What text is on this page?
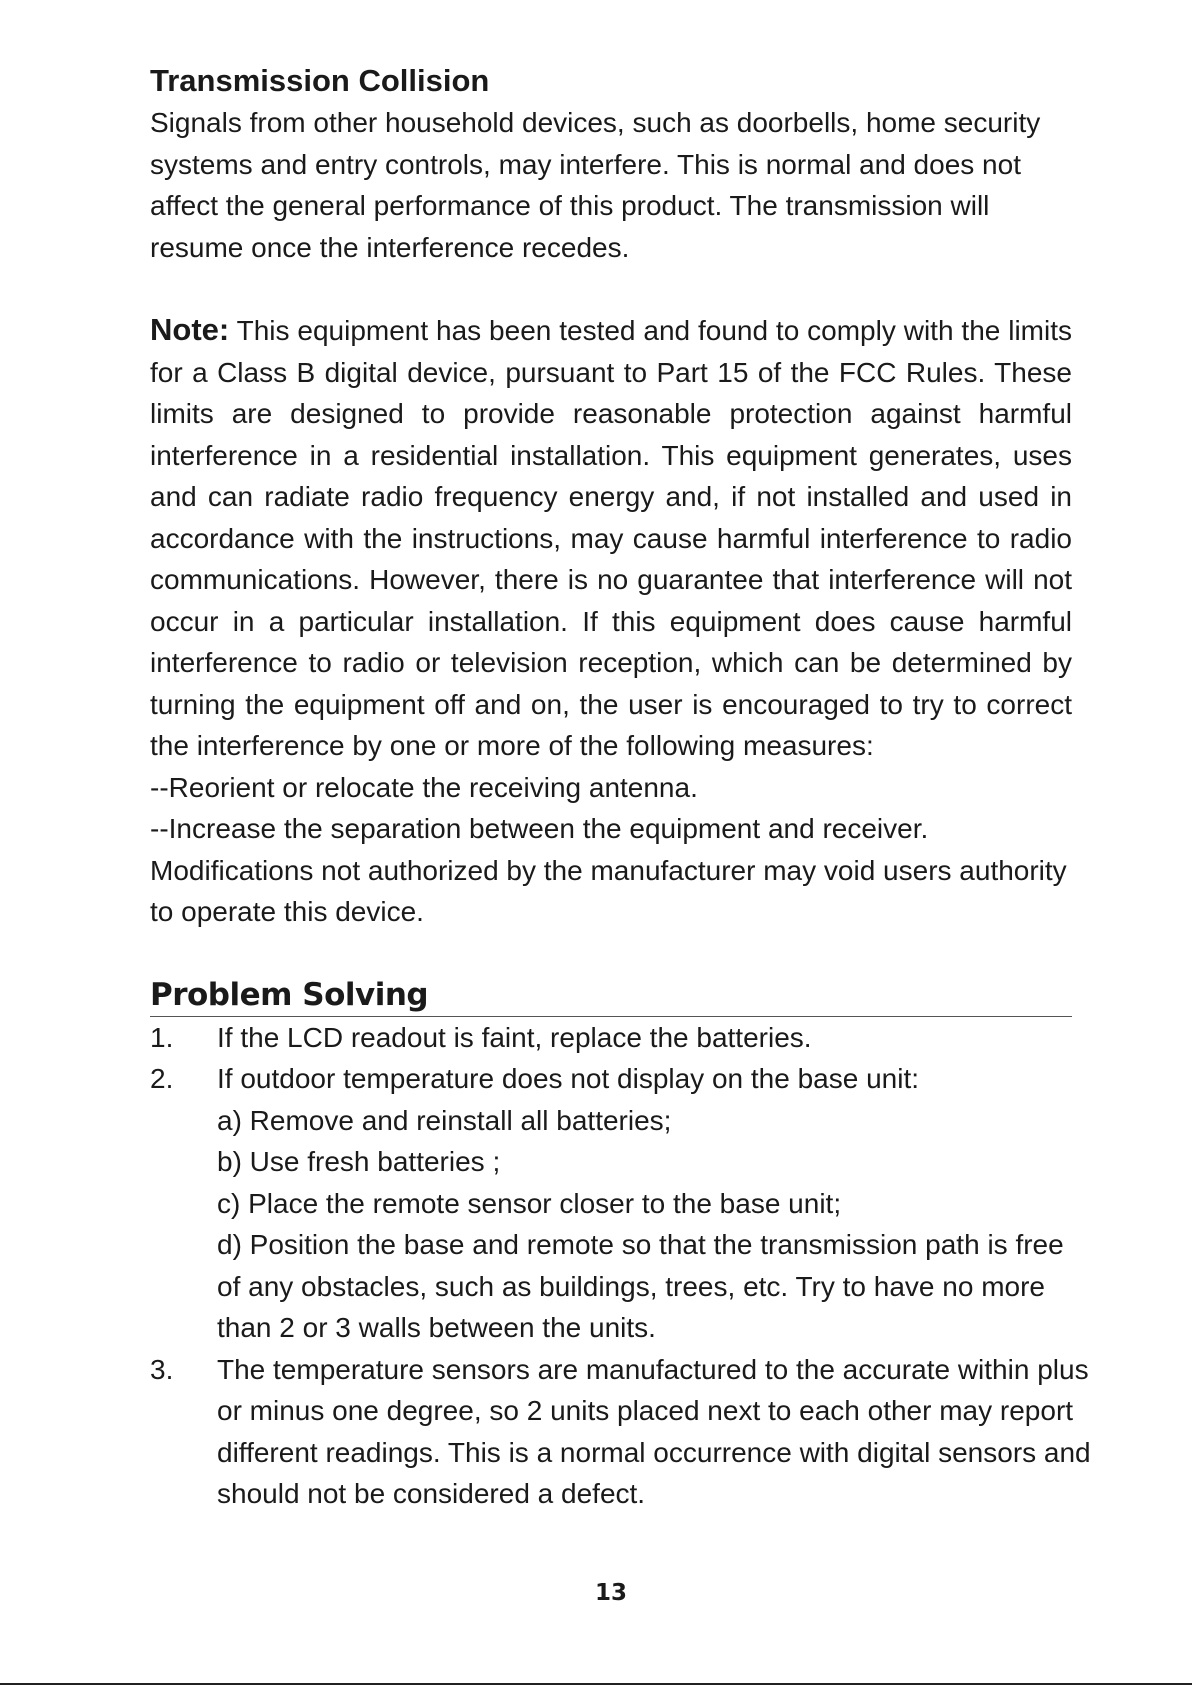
Transmission Collision

Signals from other household devices, such as doorbells, home security systems and entry controls, may interfere. This is normal and does not affect the general performance of this product. The transmission will resume once the interference recedes.

Note: This equipment has been tested and found to comply with the limits for a Class B digital device, pursuant to Part 15 of the FCC Rules. These limits are designed to provide reasonable protection against harmful interference in a residential installation. This equipment generates, uses and can radiate radio frequency energy and, if not installed and used in accordance with the instructions, may cause harmful interference to radio communications. However, there is no guarantee that interference will not occur in a particular installation. If this equipment does cause harmful interference to radio or television reception, which can be determined by turning the equipment off and on, the user is encouraged to try to correct the interference by one or more of the following measures:

--Reorient or relocate the receiving antenna.

--Increase the separation between the equipment and receiver.

Modifications not authorized by the manufacturer may void users authority to operate this device.

Problem Solving
1. If the LCD readout is faint, replace the batteries.
2. If outdoor temperature does not display on the base unit:
a) Remove and reinstall all batteries;
b) Use fresh batteries ;
c) Place the remote sensor closer to the base unit;
d) Position the base and remote so that the transmission path is free of any obstacles, such as buildings, trees, etc. Try to have no more than 2 or 3 walls between the units.
3. The temperature sensors are manufactured to the accurate within plus or minus one degree, so 2 units placed next to each other may report different readings. This is a normal occurrence with digital sensors and should not be considered a defect.
13
